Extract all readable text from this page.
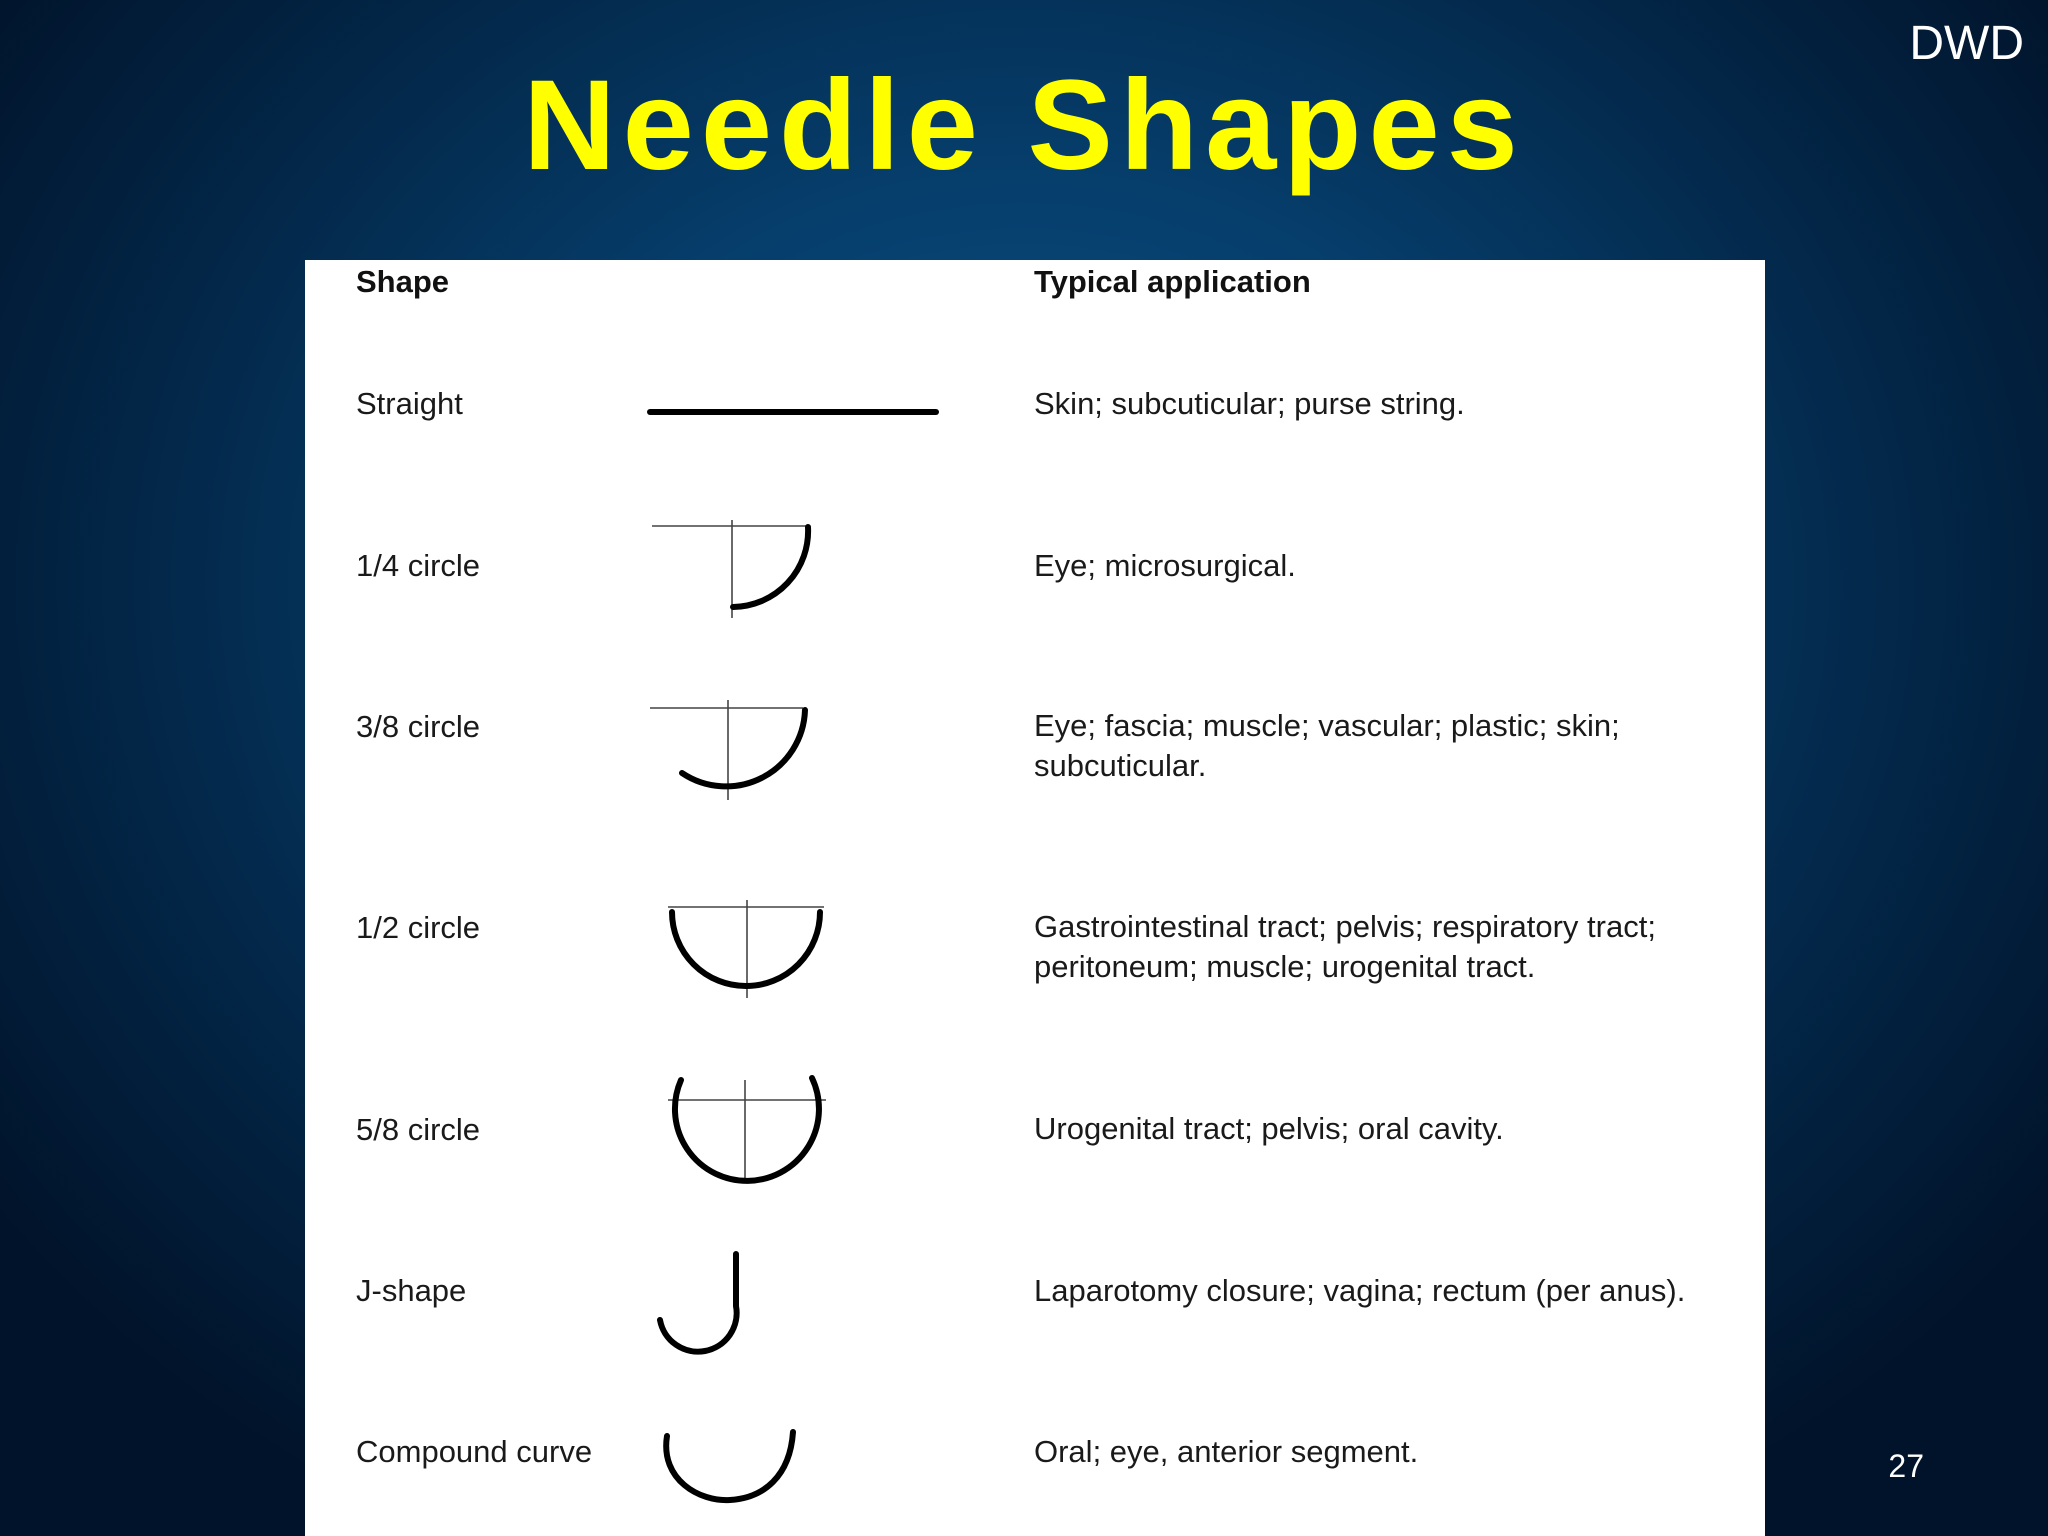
DWD
Needle Shapes
Shape	Typical application
Straight	Skin; subcuticular; purse string.
1/4 circle	Eye; microsurgical.
3/8 circle	Eye; fascia; muscle; vascular; plastic; skin; subcuticular.
1/2 circle	Gastrointestinal tract; pelvis; respiratory tract; peritoneum; muscle; urogenital tract.
5/8 circle	Urogenital tract; pelvis; oral cavity.
J-shape	Laparotomy closure; vagina; rectum (per anus).
Compound curve	Oral; eye, anterior segment.	27
